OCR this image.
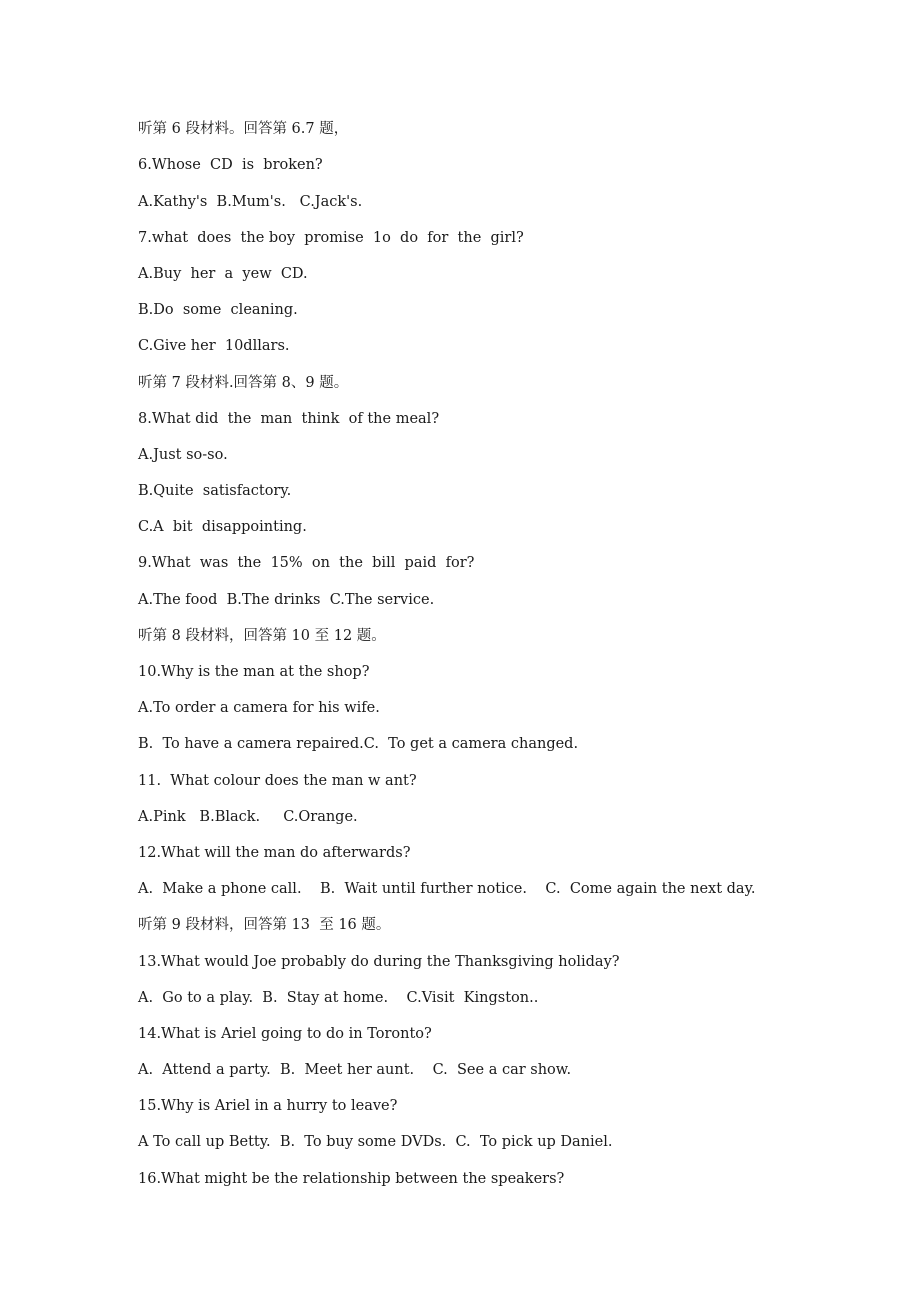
听第 6 段材料。回答第 6.7 题，

6.Whose  CD  is  broken?

A.Kathy's  B.Mum's.   C.Jack's.

7.what  does  the boy  promise  1o  do  for  the  girl?

A.Buy  her  a  yew  CD.

B.Do  some  cleaning.

C.Give her  10dllars.

听第 7 段材料.回答第 8、9 题。

8.What did  the  man  think  of the meal?

A.Just so-so.

B.Quite  satisfactory.

C.A  bit  disappointing.

9.What  was  the  15%  on  the  bill  paid  for?

A.The food  B.The drinks  C.The service.

听第 8 段材料，回答第 10 至 12 题。

10.Why is the man at the shop?

A.To order a camera for his wife.

B.  To have a camera repaired.C.  To get a camera changed.

11.  What colour does the man w ant?

A.Pink   B.Black.     C.Orange.

12.What will the man do afterwards?

A.  Make a phone call.    B.  Wait until further notice.    C.  Come again the next day.

听第 9 段材料，回答第 13  至 16 题。

13.What would Joe probably do during the Thanksgiving holiday?

A.  Go to a play.  B.  Stay at home.    C.Visit  Kingston..

14.What is Ariel going to do in Toronto?

A.  Attend a party.  B.  Meet her aunt.    C.  See a car show.

15.Why is Ariel in a hurry to leave?

A To call up Betty.  B.  To buy some DVDs.  C.  To pick up Daniel.

16.What might be the relationship between the speakers?
